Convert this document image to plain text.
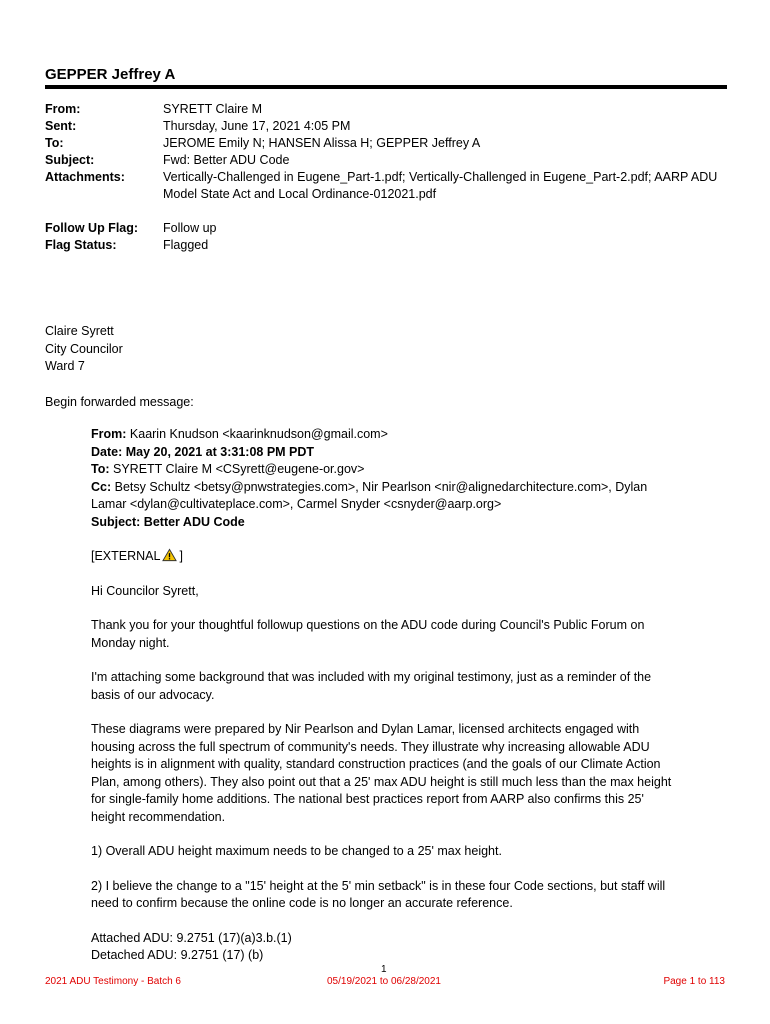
GEPPER Jeffrey A
From:	SYRETT Claire M
Sent:	Thursday, June 17, 2021 4:05 PM
To:	JEROME Emily N; HANSEN Alissa H; GEPPER Jeffrey A
Subject:	Fwd: Better ADU Code
Attachments:	Vertically-Challenged in Eugene_Part-1.pdf; Vertically-Challenged in Eugene_Part-2.pdf; AARP ADU
Model State Act and Local Ordinance-012021.pdf
Follow Up Flag: Follow up
Flag Status:	Flagged
Claire Syrett
City Councilor
Ward 7
Begin forwarded message:

From: Kaarin Knudson <kaarinknudson@gmail.com>

Date: May 20, 2021 at 3:31:08 PM PDT

To: SYRETT Claire M <CSyrett@eugene-or.gov>

Cc: Betsy Schultz <betsy@pnwstrategies.com>, Nir Pearlson <nir@alignedarchitecture.com>, Dylan
Lamar <dylan@cultivateplace.com>, Carmel Snyder <csnyder@aarp.org>

Subject: Better ADU Code

[EXTERNAL ]

Hi Councilor Syrett,

Thank you for your thoughtful followup questions on the ADU code during Council's Public Forum on
Monday night.

I'm attaching some background that was included with my original testimony, just as a reminder of the
basis of our advocacy.

These diagrams were prepared by Nir Pearlson and Dylan Lamar, licensed architects engaged with
housing across the full spectrum of community's needs. They illustrate why increasing allowable ADU
heights is in alignment with quality, standard construction practices (and the goals of our Climate Action
Plan, among others). They also point out that a 25' max ADU height is still much less than the max height
for single-family home additions. The national best practices report from AARP also confirms this 25'
height recommendation.

1) Overall ADU height maximum needs to be changed to a 25' max height.

2) I believe the change to a "15' height at the 5' min setback" is in these four Code sections, but staff will
need to confirm because the online code is no longer an accurate reference.

Attached ADU: 9.2751 (17)(a)3.b.(1)

Detached ADU: 9.2751 (17) (b)

1
2021 ADU Testimony - Batch 6	05/19/2021 to 06/28/2021	Page 1 to 113
